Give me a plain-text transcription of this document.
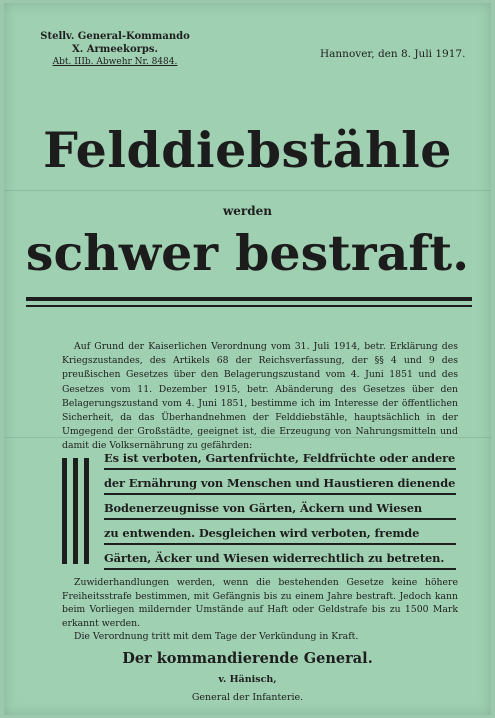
Stellv. General-Kommando
X. Armeekorps.
Abt. IIIb. Abwehr Nr. 8484.
Hannover, den 8. Juli 1917.
Felddiebstähle
werden
schwer bestraft.
Auf Grund der Kaiserlichen Verordnung vom 31. Juli 1914, betr. Erklärung des Kriegszustandes, des Artikels 68 der Reichsverfassung, der §§ 4 und 9 des preußischen Gesetzes über den Belagerungszustand vom 4. Juni 1851 und des Gesetzes vom 11. Dezember 1915, betr. Abänderung des Gesetzes über den Belagerungszustand vom 4. Juni 1851, bestimme ich im Interesse der öffentlichen Sicherheit, da das Überhandnehmen der Felddiebstähle, hauptsächlich in der Umgegend der Großstädte, geeignet ist, die Erzeugung von Nahrungsmitteln und damit die Volksernährung zu gefährden:
Es ist verboten, Gartenfrüchte, Feldfrüchte oder andere
der Ernährung von Menschen und Haustieren dienende
Bodenerzeugnisse von Gärten, Äckern und Wiesen
zu entwenden. Desgleichen wird verboten, fremde
Gärten, Äcker und Wiesen widerrechtlich zu betreten.
Zuwiderhandlungen werden, wenn die bestehenden Gesetze keine höhere Freiheitsstrafe bestimmen, mit Gefängnis bis zu einem Jahre bestraft. Jedoch kann beim Vorliegen mildernder Umstände auf Haft oder Geldstrafe bis zu 1500 Mark erkannt werden.
Die Verordnung tritt mit dem Tage der Verkündung in Kraft.
Der kommandierende General.
v. Hänisch,
General der Infanterie.
